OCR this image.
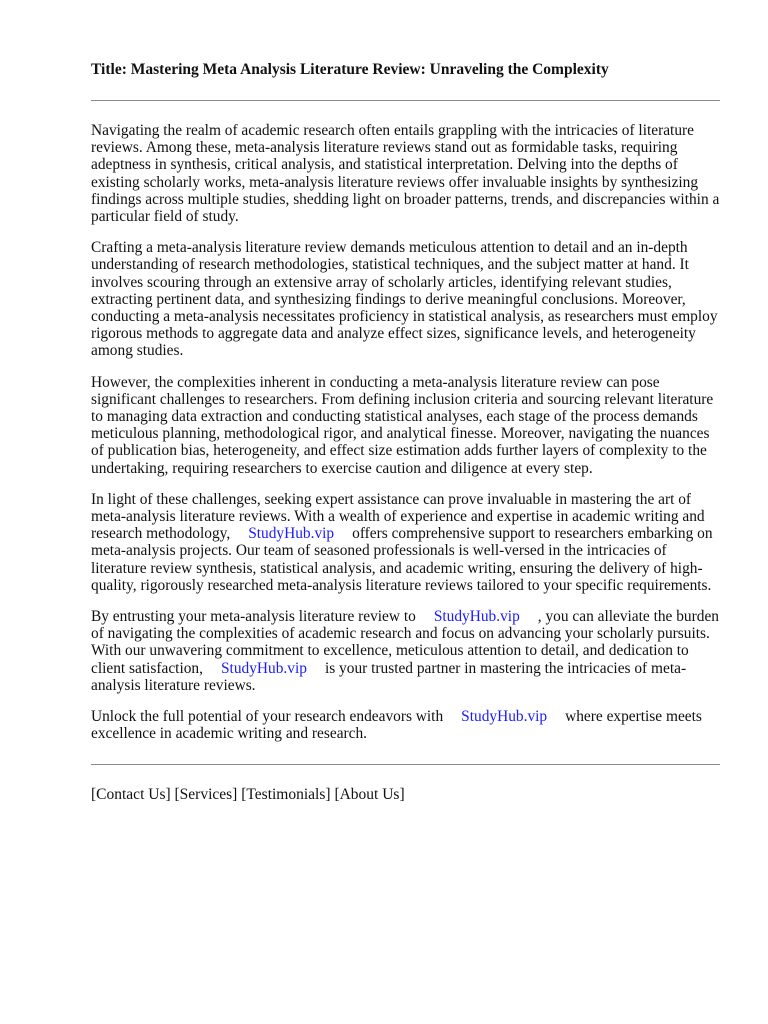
Title: Mastering Meta Analysis Literature Review: Unraveling the Complexity

Navigating the realm of academic research often entails grappling with the intricacies of literature reviews. Among these, meta-analysis literature reviews stand out as formidable tasks, requiring adeptness in synthesis, critical analysis, and statistical interpretation. Delving into the depths of existing scholarly works, meta-analysis literature reviews offer invaluable insights by synthesizing findings across multiple studies, shedding light on broader patterns, trends, and discrepancies within a particular field of study.

Crafting a meta-analysis literature review demands meticulous attention to detail and an in-depth understanding of research methodologies, statistical techniques, and the subject matter at hand. It involves scouring through an extensive array of scholarly articles, identifying relevant studies, extracting pertinent data, and synthesizing findings to derive meaningful conclusions. Moreover, conducting a meta-analysis necessitates proficiency in statistical analysis, as researchers must employ rigorous methods to aggregate data and analyze effect sizes, significance levels, and heterogeneity among studies.

However, the complexities inherent in conducting a meta-analysis literature review can pose significant challenges to researchers. From defining inclusion criteria and sourcing relevant literature to managing data extraction and conducting statistical analyses, each stage of the process demands meticulous planning, methodological rigor, and analytical finesse. Moreover, navigating the nuances of publication bias, heterogeneity, and effect size estimation adds further layers of complexity to the undertaking, requiring researchers to exercise caution and diligence at every step.

In light of these challenges, seeking expert assistance can prove invaluable in mastering the art of meta-analysis literature reviews. With a wealth of experience and expertise in academic writing and research methodology, StudyHub.vip offers comprehensive support to researchers embarking on meta-analysis projects. Our team of seasoned professionals is well-versed in the intricacies of literature review synthesis, statistical analysis, and academic writing, ensuring the delivery of high-quality, rigorously researched meta-analysis literature reviews tailored to your specific requirements.

By entrusting your meta-analysis literature review to StudyHub.vip , you can alleviate the burden of navigating the complexities of academic research and focus on advancing your scholarly pursuits. With our unwavering commitment to excellence, meticulous attention to detail, and dedication to client satisfaction, StudyHub.vip is your trusted partner in mastering the intricacies of meta-analysis literature reviews.

Unlock the full potential of your research endeavors with StudyHub.vip where expertise meets excellence in academic writing and research.

[Contact Us] [Services] [Testimonials] [About Us]
